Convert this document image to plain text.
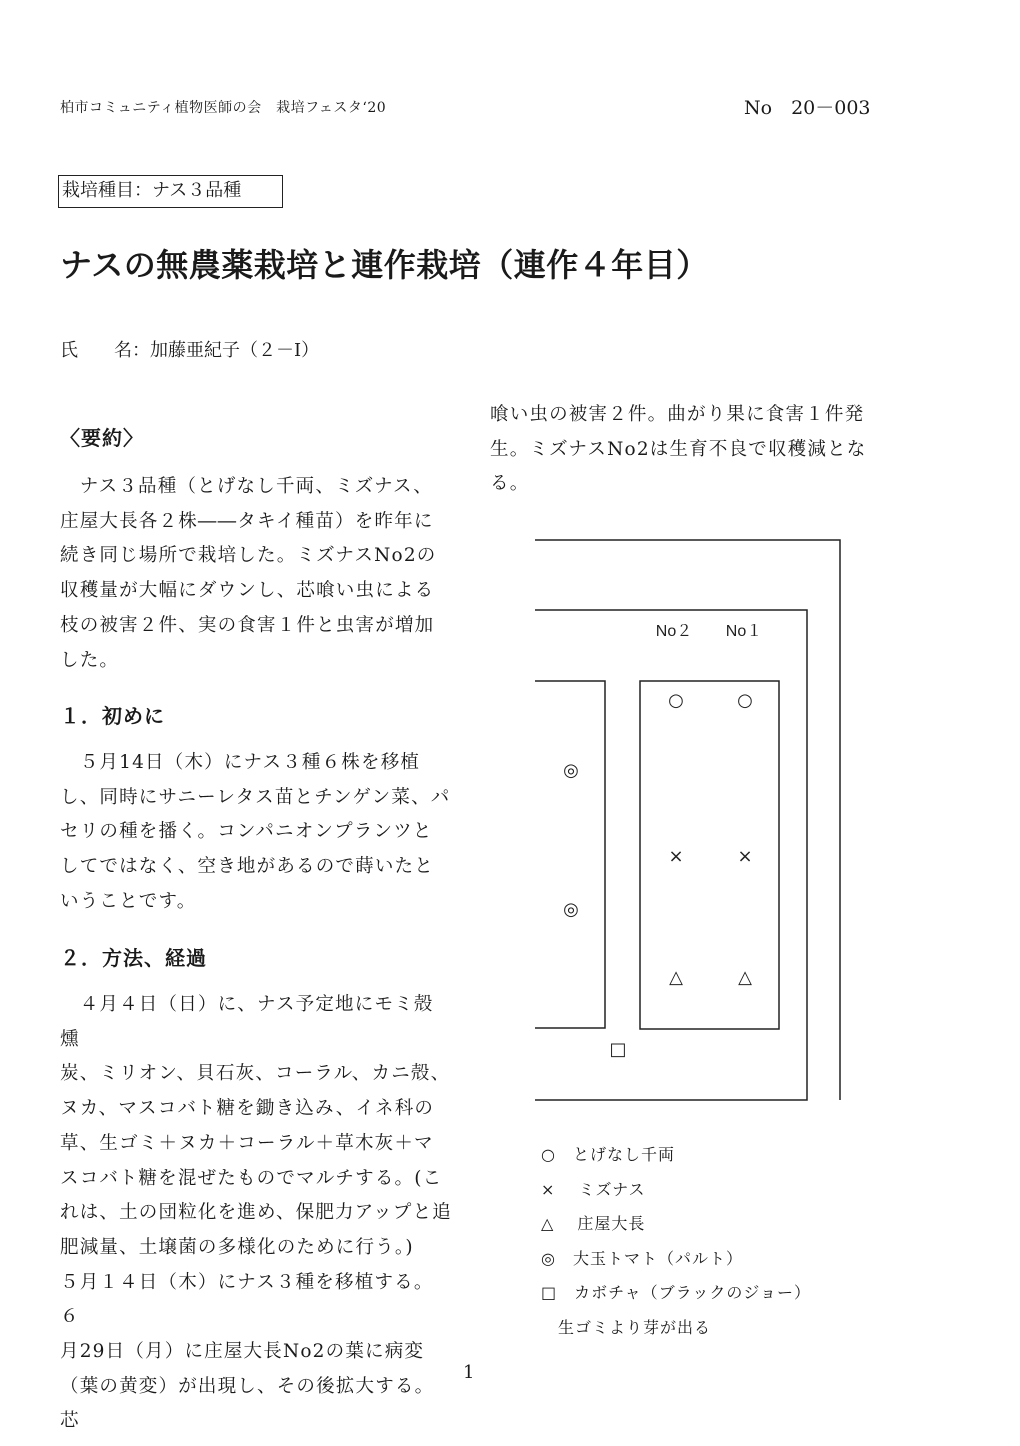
柏市コミュニティ植物医師の会　栽培フェスタ‘20	No　20－003
栽培種目：ナス３品種
ナスの無農薬栽培と連作栽培（連作４年目）
氏　　名：加藤亜紀子（２－Ⅰ）
〈要約〉
　ナス３品種（とげなし千両、ミズナス、
庄屋大長各２株――タキイ種苗）を昨年に
続き同じ場所で栽培した。ミズナスNo2の
収穫量が大幅にダウンし、芯喰い虫による
枝の被害２件、実の食害１件と虫害が増加
した。
１．初めに
　５月14日（木）にナス３種６株を移植
し、同時にサニーレタス苗とチンゲン菜、パ
セリの種を播く。コンパニオンプランツと
してではなく、空き地があるので蒔いたと
いうことです。
２．方法、経過
　４月４日（日）に、ナス予定地にモミ殻燻
炭、ミリオン、貝石灰、コーラル、カニ殻、
ヌカ、マスコバト糖を鋤き込み、イネ科の
草、生ゴミ＋ヌカ＋コーラル＋草木灰＋マ
スコバト糖を混ぜたものでマルチする。(こ
れは、土の団粒化を進め、保肥力アップと追
肥減量、土壌菌の多様化のために行う。)
５月１４日（木）にナス３種を移植する。６
月29日（月）に庄屋大長No2の葉に病変
（葉の黄変）が出現し、その後拡大する。芯
喰い虫の被害２件。曲がり果に食害１件発
生。ミズナスNo2は生育不良で収穫減とな
る。
No２ No１
○	○
×	×
△	△
◎
◎
□
○　とげなし千両
×　 ミズナス
△　 庄屋大長
◎　大玉トマト（パルト）
□　カボチャ（ブラックのジョー）
　生ゴミより芽が出る
1
